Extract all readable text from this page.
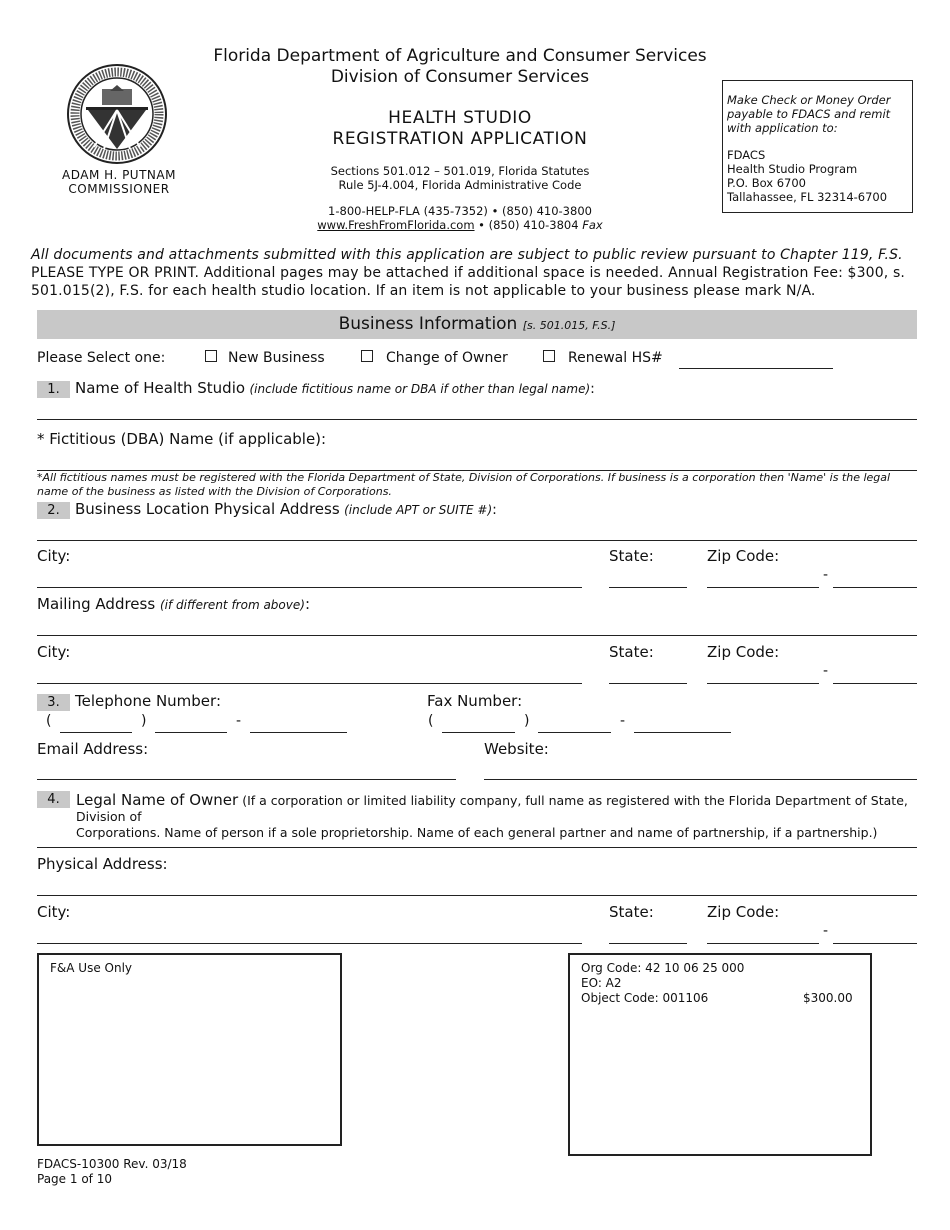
ADAM H. PUTNAM
COMMISSIONER
Florida Department of Agriculture and Consumer Services
Division of Consumer Services
HEALTH STUDIO
REGISTRATION APPLICATION
Sections 501.012 – 501.019, Florida Statutes
Rule 5J-4.004, Florida Administrative Code
1-800-HELP-FLA (435-7352) • (850) 410-3800
www.FreshFromFlorida.com • (850) 410-3804 Fax
Make Check or Money Order
payable to FDACS and remit
with application to:
FDACS
Health Studio Program
P.O. Box 6700
Tallahassee, FL 32314-6700
All documents and attachments submitted with this application are subject to public review pursuant to Chapter 119, F.S. PLEASE TYPE OR PRINT. Additional pages may be attached if additional space is needed. Annual Registration Fee: $300, s. 501.015(2), F.S. for each health studio location. If an item is not applicable to your business please mark N/A.
Business Information [s. 501.015, F.S.]
Please Select one:	New Business	Change of Owner	Renewal HS#
1. Name of Health Studio (include fictitious name or DBA if other than legal name):
* Fictitious (DBA) Name (if applicable):
*All fictitious names must be registered with the Florida Department of State, Division of Corporations. If business is a corporation then 'Name' is the legal
name of the business as listed with the Division of Corporations.
2. Business Location Physical Address (include APT or SUITE #):
City:	State:	Zip Code:
-
Mailing Address (if different from above):
City:	State:	Zip Code:
-
3. Telephone Number:	Fax Number:
(	)	-	(	)	-
Email Address:	Website:
4.	Legal Name of Owner (If a corporation or limited liability company, full name as registered with the Florida Department of State, Division of
Corporations. Name of person if a sole proprietorship. Name of each general partner and name of partnership, if a partnership.)
Physical Address:
City:	State:	Zip Code:
-
F&A Use Only	Org Code: 42 10 06 25 000
EO: A2
Object Code: 001106	$300.00
FDACS-10300 Rev. 03/18
Page 1 of 10
